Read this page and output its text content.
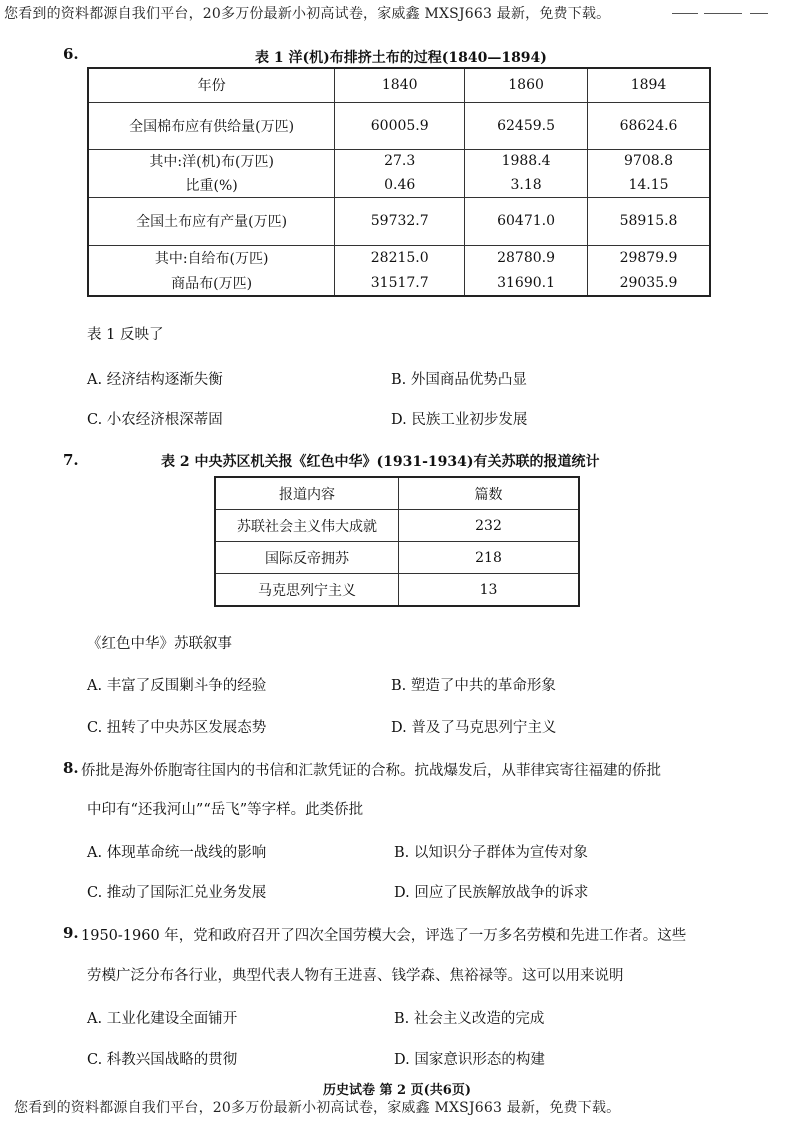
您看到的资料都源自我们平台，20多万份最新小初高试卷，家威鑫 MXSJ663 最新，免费下载。
6.	表 1 洋(机)布排挤土布的过程(1840—1894)
年份	1840	1860	1894
全国棉布应有供给量(万匹)	60005.9	62459.5	68624.6
其中:洋(机)布(万匹)	27.3	1988.4	9708.8
比重(%)	0.46	3.18	14.15
全国土布应有产量(万匹)	59732.7	60471.0	58915.8
其中:自给布(万匹)	28215.0	28780.9	29879.9
商品布(万匹)	31517.7	31690.1	29035.9
表 1 反映了
A. 经济结构逐渐失衡	B. 外国商品优势凸显
C. 小农经济根深蒂固	D. 民族工业初步发展
7.	表 2 中央苏区机关报《红色中华》(1931-1934)有关苏联的报道统计
报道内容	篇数
苏联社会主义伟大成就	232
国际反帝拥苏	218
马克思列宁主义	13
《红色中华》苏联叙事
A. 丰富了反围剿斗争的经验	B. 塑造了中共的革命形象
C. 扭转了中央苏区发展态势	D. 普及了马克思列宁主义
8. 侨批是海外侨胞寄往国内的书信和汇款凭证的合称。抗战爆发后，从菲律宾寄往福建的侨批
中印有“还我河山”“岳飞”等字样。此类侨批
A. 体现革命统一战线的影响	B. 以知识分子群体为宣传对象
C. 推动了国际汇兑业务发展	D. 回应了民族解放战争的诉求
9. 1950-1960 年，党和政府召开了四次全国劳模大会，评选了一万多名劳模和先进工作者。这些
劳模广泛分布各行业，典型代表人物有王进喜、钱学森、焦裕禄等。这可以用来说明
A. 工业化建设全面铺开	B. 社会主义改造的完成
C. 科教兴国战略的贯彻	D. 国家意识形态的构建
历史试卷 第 2 页(共6页)
您看到的资料都源自我们平台，20多万份最新小初高试卷，家威鑫 MXSJ663 最新，免费下载。
